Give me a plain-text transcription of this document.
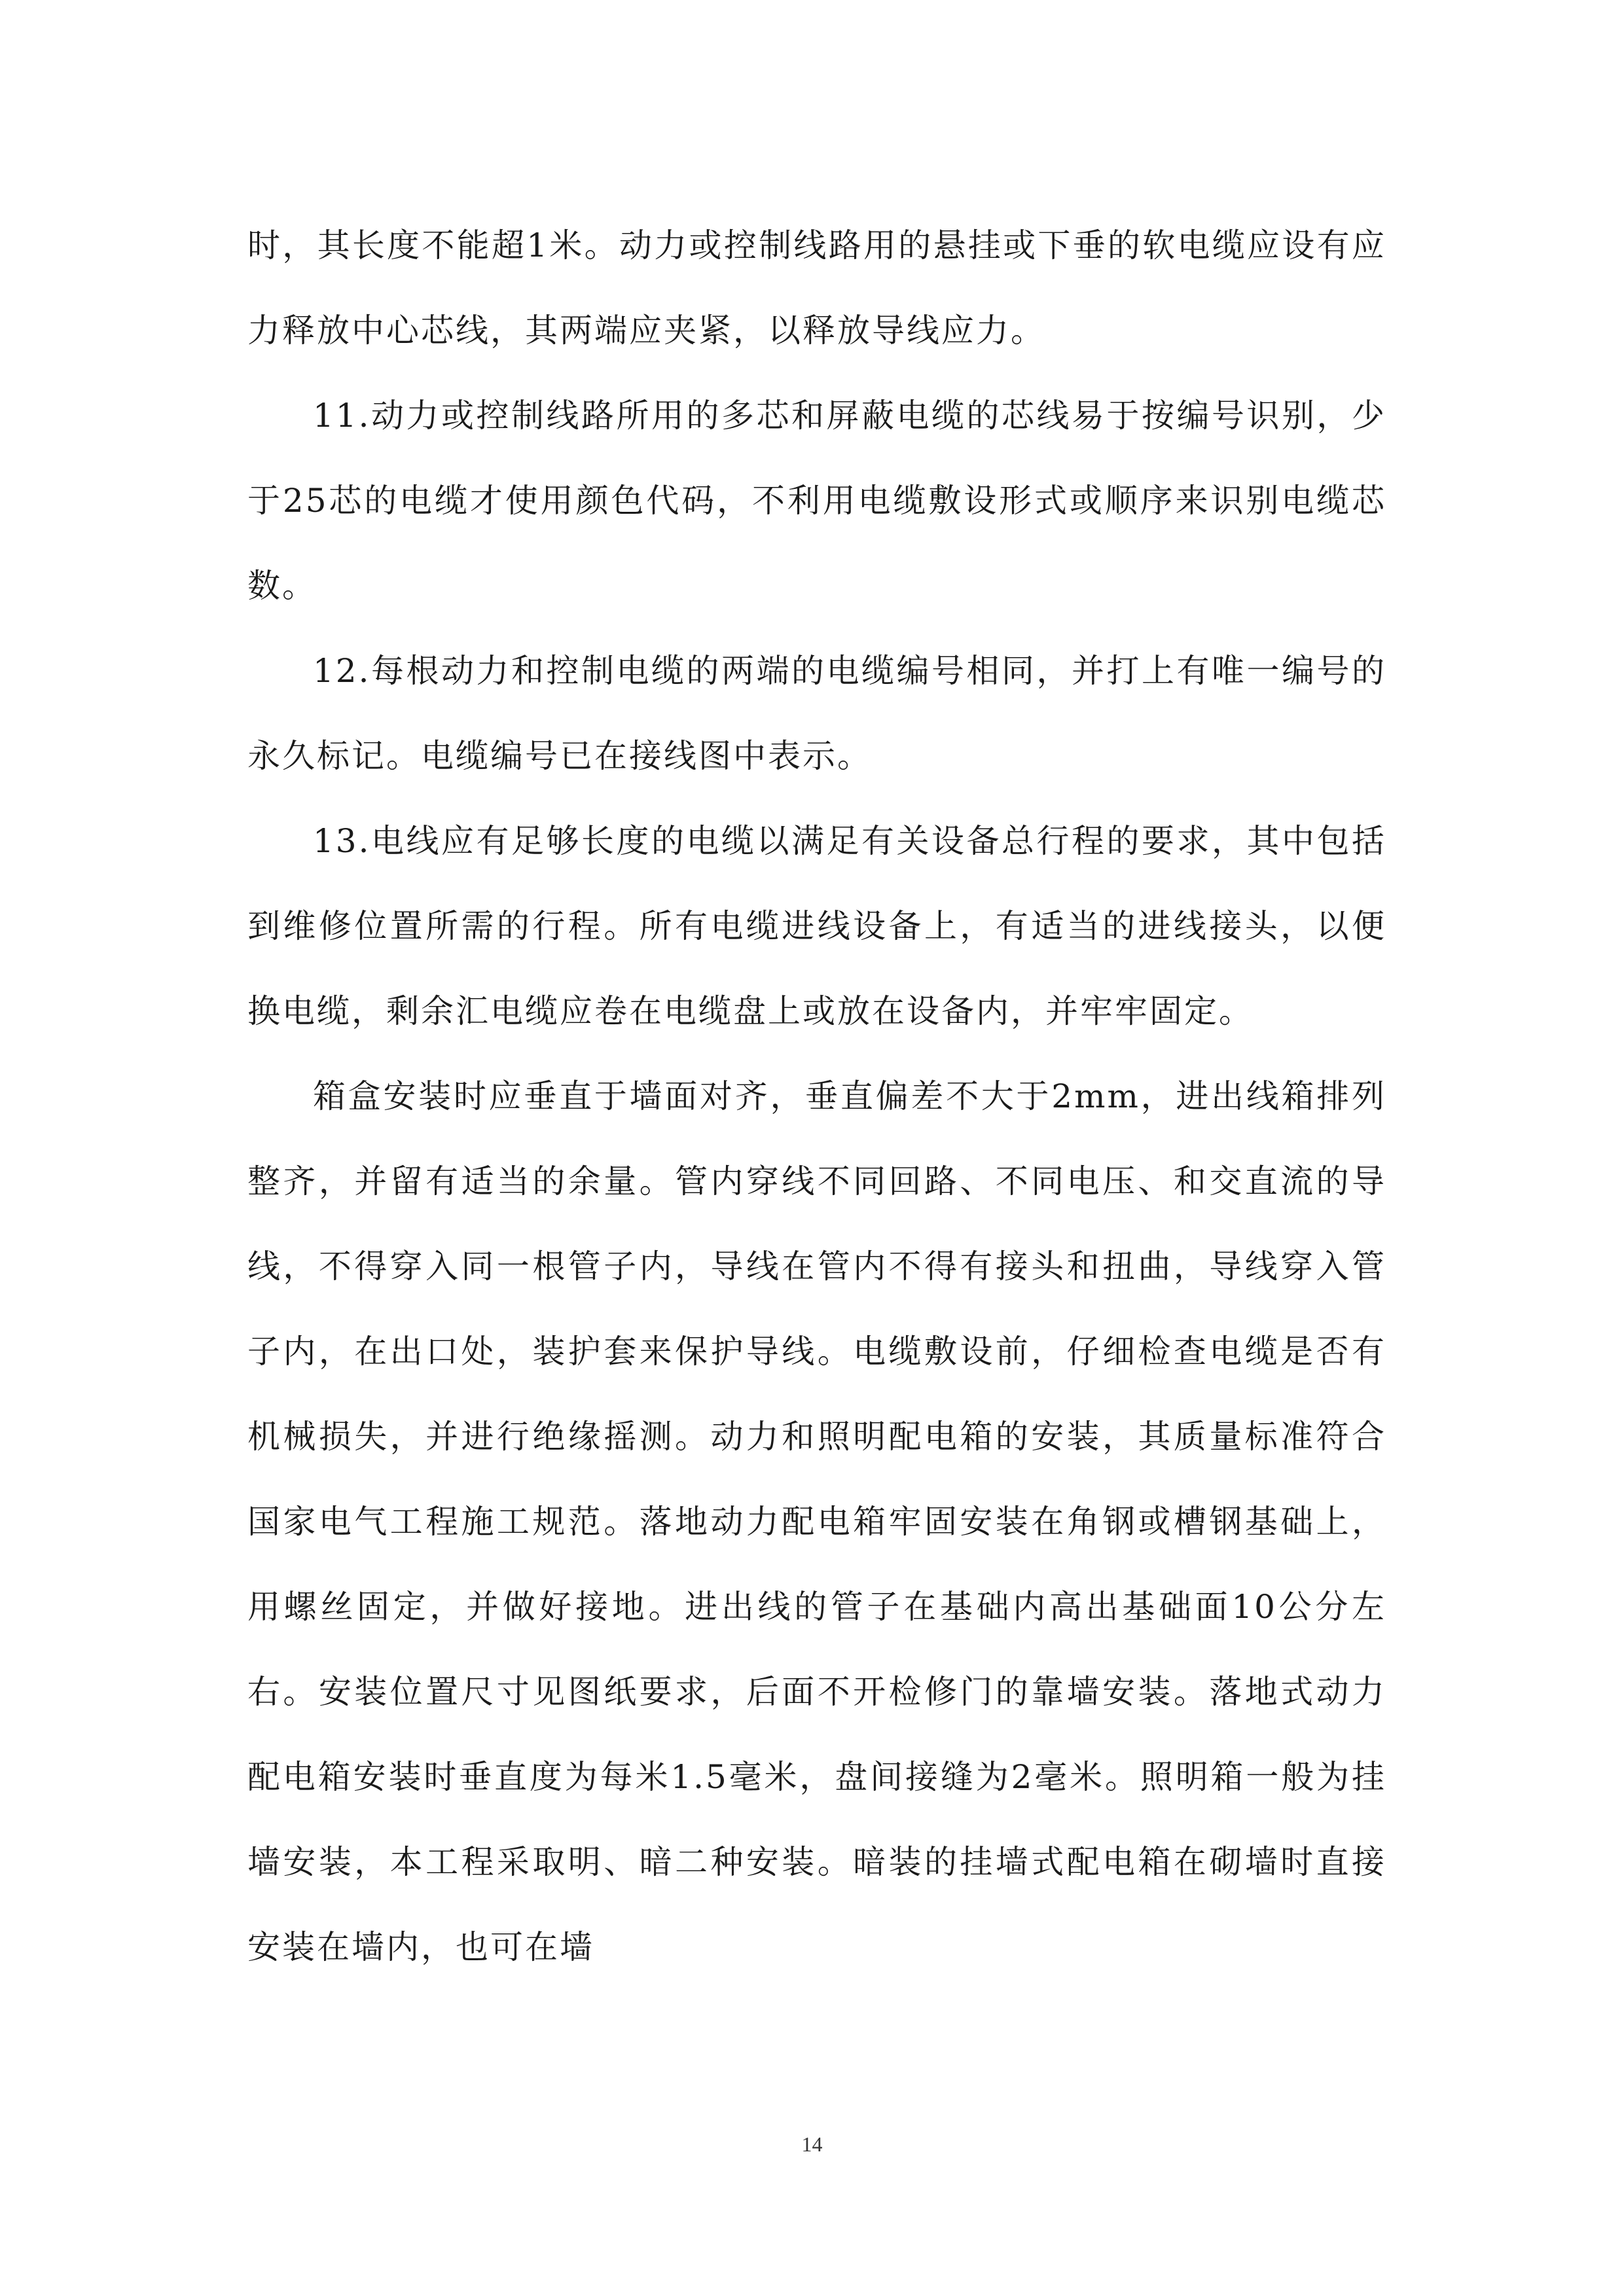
时，其长度不能超1米。动力或控制线路用的悬挂或下垂的软电缆应设有应力释放中心芯线，其两端应夹紧，以释放导线应力。

11.动力或控制线路所用的多芯和屏蔽电缆的芯线易于按编号识别，少于25芯的电缆才使用颜色代码，不利用电缆敷设形式或顺序来识别电缆芯数。

12.每根动力和控制电缆的两端的电缆编号相同，并打上有唯一编号的永久标记。电缆编号已在接线图中表示。

13.电线应有足够长度的电缆以满足有关设备总行程的要求，其中包括到维修位置所需的行程。所有电缆进线设备上，有适当的进线接头，以便换电缆，剩余汇电缆应卷在电缆盘上或放在设备内，并牢牢固定。

箱盒安装时应垂直于墙面对齐，垂直偏差不大于2mm，进出线箱排列整齐，并留有适当的余量。管内穿线不同回路、不同电压、和交直流的导线，不得穿入同一根管子内，导线在管内不得有接头和扭曲，导线穿入管子内，在出口处，装护套来保护导线。电缆敷设前，仔细检查电缆是否有机械损失，并进行绝缘摇测。动力和照明配电箱的安装，其质量标准符合国家电气工程施工规范。落地动力配电箱牢固安装在角钢或槽钢基础上，用螺丝固定，并做好接地。进出线的管子在基础内高出基础面10公分左右。安装位置尺寸见图纸要求，后面不开检修门的靠墙安装。落地式动力配电箱安装时垂直度为每米1.5毫米，盘间接缝为2毫米。照明箱一般为挂墙安装，本工程采取明、暗二种安装。暗装的挂墙式配电箱在砌墙时直接安装在墙内，也可在墙

14
